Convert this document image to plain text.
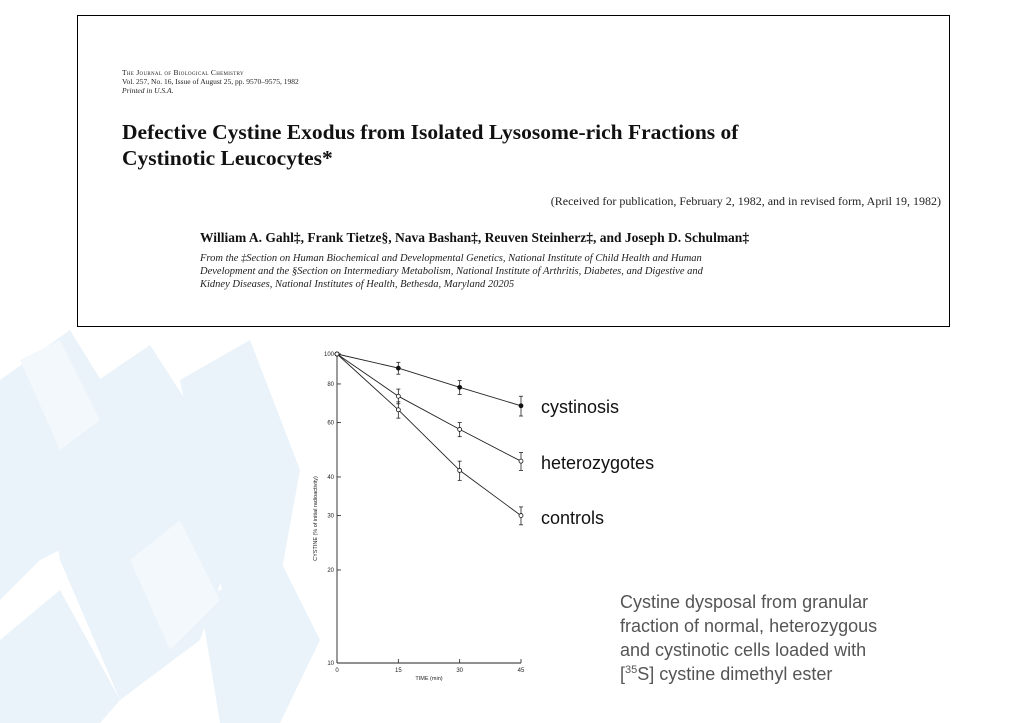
The Journal of Biological Chemistry
Vol. 257, No. 16, Issue of August 25, pp. 9570–9575, 1982
Printed in U.S.A.
Defective Cystine Exodus from Isolated Lysosome-rich Fractions of
Cystinotic Leucocytes*
(Received for publication, February 2, 1982, and in revised form, April 19, 1982)
William A. Gahl‡, Frank Tietze§, Nava Bashan‡, Reuven Steinherz‡, and Joseph D. Schulman‡
From the ‡Section on Human Biochemical and Developmental Genetics, National Institute of Child Health and Human
Development and the §Section on Intermediary Metabolism, National Institute of Arthritis, Diabetes, and Digestive and
Kidney Diseases, National Institutes of Health, Bethesda, Maryland 20205
10
20
30
40
60
80
100
0	15	30	45
TIME (min)
CYSTINE (% of initial radioactivity)
cystinosis
heterozygotes
controls
Cystine dysposal from granular
fraction of normal, heterozygous
and cystinotic cells loaded with
[$^{35}$S] cystine dimethyl ester
